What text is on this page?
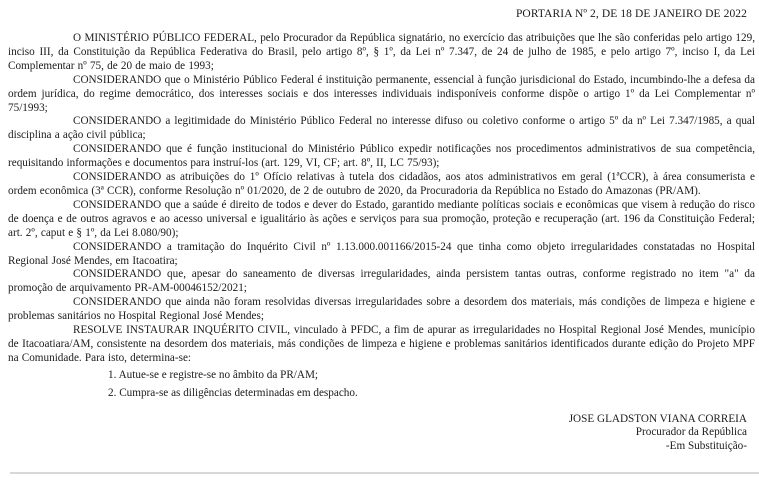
PORTARIA Nº 2, DE 18 DE JANEIRO DE 2022

O MINISTÉRIO PÚBLICO FEDERAL, pelo Procurador da República signatário, no exercício das atribuições que lhe são conferidas pelo artigo 129, inciso III, da Constituição da República Federativa do Brasil, pelo artigo 8º, § 1º, da Lei nº 7.347, de 24 de julho de 1985, e pelo artigo 7º, inciso I, da Lei Complementar nº 75, de 20 de maio de 1993;

CONSIDERANDO que o Ministério Público Federal é instituição permanente, essencial à função jurisdicional do Estado, incumbindo-lhe a defesa da ordem jurídica, do regime democrático, dos interesses sociais e dos interesses individuais indisponíveis conforme dispõe o artigo 1º da Lei Complementar nº 75/1993;

CONSIDERANDO a legitimidade do Ministério Público Federal no interesse difuso ou coletivo conforme o artigo 5º da nº Lei 7.347/1985, a qual disciplina a ação civil pública;

CONSIDERANDO que é função institucional do Ministério Público expedir notificações nos procedimentos administrativos de sua competência, requisitando informações e documentos para instruí-los (art. 129, VI, CF; art. 8º, II, LC 75/93);

CONSIDERANDO as atribuições do 1º Ofício relativas à tutela dos cidadãos, aos atos administrativos em geral (1ªCCR), à área consumerista e ordem econômica (3ª CCR), conforme Resolução nº 01/2020, de 2 de outubro de 2020, da Procuradoria da República no Estado do Amazonas (PR/AM).

CONSIDERANDO que a saúde é direito de todos e dever do Estado, garantido mediante políticas sociais e econômicas que visem à redução do risco de doença e de outros agravos e ao acesso universal e igualitário às ações e serviços para sua promoção, proteção e recuperação (art. 196 da Constituição Federal; art. 2º, caput e § 1º, da Lei 8.080/90);

CONSIDERANDO a tramitação do Inquérito Civil nº 1.13.000.001166/2015-24 que tinha como objeto irregularidades constatadas no Hospital Regional José Mendes, em Itacoatira;

CONSIDERANDO que, apesar do saneamento de diversas irregularidades, ainda persistem tantas outras, conforme registrado no item "a" da promoção de arquivamento PR-AM-00046152/2021;

CONSIDERANDO que ainda não foram resolvidas diversas irregularidades sobre a desordem dos materiais, más condições de limpeza e higiene e problemas sanitários no Hospital Regional José Mendes;

RESOLVE INSTAURAR INQUÉRITO CIVIL, vinculado à PFDC, a fim de apurar as irregularidades no Hospital Regional José Mendes, município de Itacoatiara/AM, consistente na desordem dos materiais, más condições de limpeza e higiene e problemas sanitários identificados durante edição do Projeto MPF na Comunidade. Para isto, determina-se:

1. Autue-se e registre-se no âmbito da PR/AM;
2. Cumpra-se as diligências determinadas em despacho.
JOSE GLADSTON VIANA CORREIA
Procurador da República
-Em Substituição-
